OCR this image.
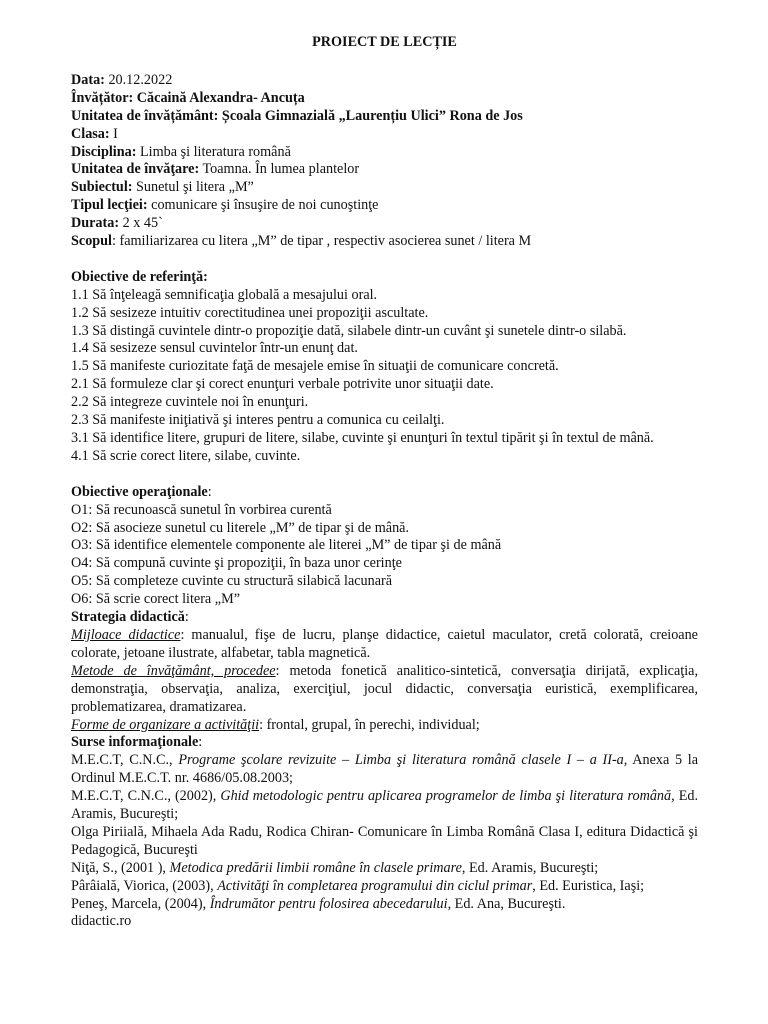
PROIECT DE LECȚIE
Data: 20.12.2022
Învățător: Căcaină Alexandra- Ancuța
Unitatea de învățământ: Școala Gimnazială „Laurențiu Ulici” Rona de Jos
Clasa: I
Disciplina: Limba şi literatura română
Unitatea de învăţare: Toamna. În lumea plantelor
Subiectul: Sunetul şi litera „M”
Tipul lecţiei: comunicare şi însuşire de noi cunoştinţe
Durata: 2 x 45`
Scopul: familiarizarea cu litera „M” de tipar , respectiv asocierea sunet / litera M
Obiective de referinţă:
1.1 Să înţeleagă semnificaţia globală a mesajului oral.
1.2 Să sesizeze intuitiv corectitudinea unei propoziţii ascultate.
1.3 Să distingă cuvintele dintr-o propoziţie dată, silabele dintr-un cuvânt şi sunetele dintr-o silabă.
1.4 Să sesizeze sensul cuvintelor într-un enunţ dat.
1.5 Să manifeste curiozitate faţă de mesajele emise în situaţii de comunicare concretă.
2.1 Să formuleze clar şi corect enunţuri verbale potrivite unor situaţii date.
2.2 Să integreze cuvintele noi în enunţuri.
2.3 Să manifeste iniţiativă şi interes pentru a comunica cu ceilalţi.
3.1 Să identifice litere, grupuri de litere, silabe, cuvinte şi enunţuri în textul tipărit şi în textul de mână.
4.1 Să scrie corect litere, silabe, cuvinte.
Obiective operaţionale:
O1: Să recunoască sunetul în vorbirea curentă
O2: Să asocieze sunetul cu literele „M” de tipar şi de mână.
O3: Să identifice elementele componente ale literei „M” de tipar şi de mână
O4: Să compună cuvinte şi propoziţii, în baza unor cerinţe
O5: Să completeze cuvinte cu structură silabică lacunară
O6: Să scrie corect litera „M”
Strategia didactică:
Mijloace didactice: manualul, fişe de lucru, planşe didactice, caietul maculator, cretă colorată, creioane colorate, jetoane ilustrate, alfabetar, tabla magnetică.
Metode de învăţământ, procedee: metoda fonetică analitico-sintetică, conversaţia dirijată, explicaţia, demonstraţia, observaţia, analiza, exerciţiul, jocul didactic, conversaţia euristică, exemplificarea, problematizarea, dramatizarea.
Forme de organizare a activităţii: frontal, grupal, în perechi, individual;
Surse informaţionale:
M.E.C.T, C.N.C., Programe şcolare revizuite – Limba şi literatura română clasele I – a II-a, Anexa 5 la Ordinul M.E.C.T. nr. 4686/05.08.2003;
M.E.C.T, C.N.C., (2002), Ghid metodologic pentru aplicarea programelor de limba şi literatura română, Ed. Aramis, Bucureşti;
Olga Piriială, Mihaela Ada Radu, Rodica Chiran- Comunicare în Limba Română Clasa I, editura Didactică şi Pedagogică, Bucureşti
Niţă, S., (2001 ), Metodica predării limbii române în clasele primare, Ed. Aramis, Bucureşti;
Pârâială, Viorica, (2003), Activităţi în completarea programului din ciclul primar, Ed. Euristica, Iaşi;
Peneş, Marcela, (2004), Îndrumător pentru folosirea abecedarului, Ed. Ana, Bucureşti.
didactic.ro
